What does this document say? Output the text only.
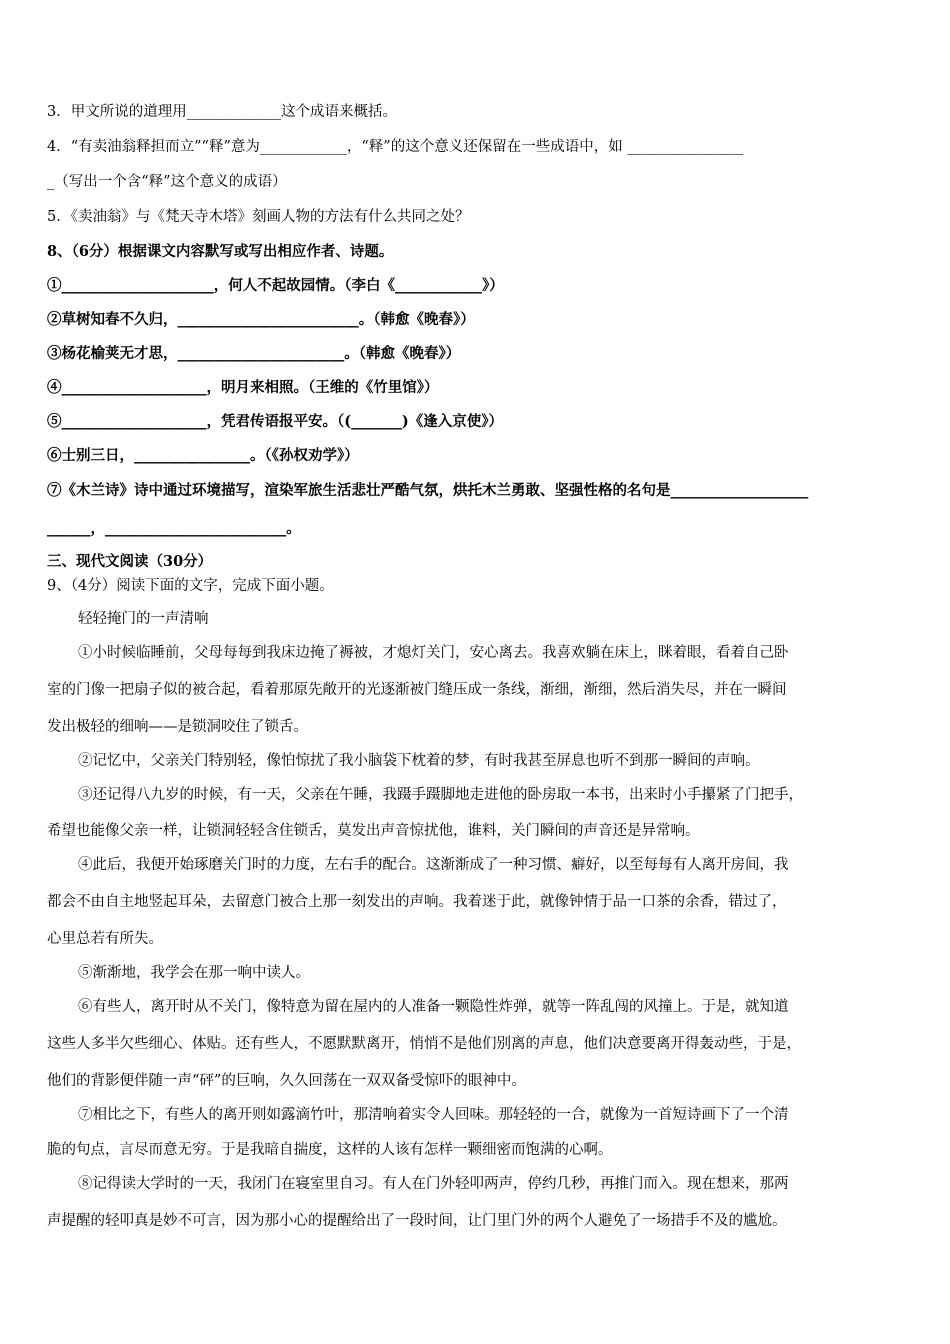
3．甲文所说的道理用_____________这个成语来概括。
4．“有卖油翁释担而立”“释”意为____________，“释”的这个意义还保留在一些成语中，如 ________________
_（写出一个含“释”这个意义的成语）
5．《卖油翁》与《梵天寺木塔》刻画人物的方法有什么共同之处？
8、（6分）根据课文内容默写或写出相应作者、诗题。
①_____________________，何人不起故园情。（李白《____________》）
②草树知春不久归，_________________________。（韩愈《晚春》）
③杨花榆荚无才思，_______________________。（韩愈《晚春》）
④____________________，明月来相照。（王维的《竹里馆》）
⑤____________________，凭君传语报平安。（(_______)《逢入京使》）
⑥士别三日，________________。（《孙权劝学》）
⑦《木兰诗》诗中通过环境描写，渲染军旅生活悲壮严酷气氛，烘托木兰勇敢、坚强性格的名句是___________________
______，_________________________。
三、现代文阅读（30分）
9、（4分）阅读下面的文字，完成下面小题。
轻轻掩门的一声清响
①小时候临睡前，父母每每到我床边掩了褥被，才熄灯关门，安心离去。我喜欢躺在床上，眯着眼，看着自己卧
室的门像一把扇子似的被合起，看着那原先敞开的光逐渐被门缝压成一条线，渐细，渐细，然后消失尽，并在一瞬间
发出极轻的细响——是锁洞咬住了锁舌。
②记忆中，父亲关门特别轻，像怕惊扰了我小脑袋下枕着的梦，有时我甚至屏息也听不到那一瞬间的声响。
③还记得八九岁的时候，有一天，父亲在午睡，我蹑手蹑脚地走进他的卧房取一本书，出来时小手攥紧了门把手，
希望也能像父亲一样，让锁洞轻轻含住锁舌，莫发出声音惊扰他，谁料，关门瞬间的声音还是异常响。
④此后，我便开始琢磨关门时的力度，左右手的配合。这渐渐成了一种习惯、癖好，以至每每有人离开房间，我
都会不由自主地竖起耳朵，去留意门被合上那一刻发出的声响。我着迷于此，就像钟情于品一口茶的余香，错过了，
心里总若有所失。
⑤渐渐地，我学会在那一响中读人。
⑥有些人，离开时从不关门，像特意为留在屋内的人准备一颗隐性炸弹，就等一阵乱闯的风撞上。于是，就知道
这些人多半欠些细心、体贴。还有些人，不愿默默离开，悄悄不是他们别离的声息，他们决意要离开得轰动些，于是，
他们的背影便伴随一声“砰”的巨响，久久回荡在一双双备受惊吓的眼神中。
⑦相比之下，有些人的离开则如露滴竹叶，那清响着实令人回味。那轻轻的一合，就像为一首短诗画下了一个清
脆的句点，言尽而意无穷。于是我暗自揣度，这样的人该有怎样一颗细密而饱满的心啊。
⑧记得读大学时的一天，我闭门在寝室里自习。有人在门外轻叩两声，停约几秒，再推门而入。现在想来，那两
声提醒的轻叩真是妙不可言，因为那小心的提醒给出了一段时间，让门里门外的两个人避免了一场措手不及的尴尬。
